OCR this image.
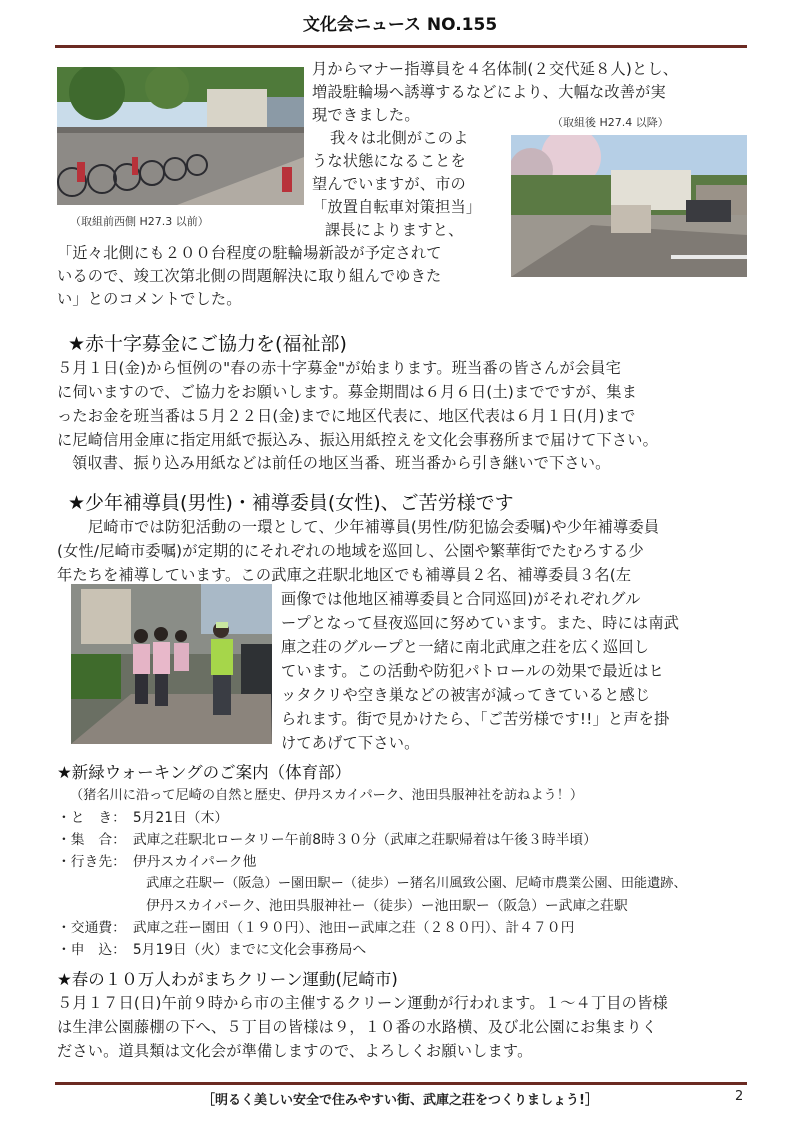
文化会ニュース NO.155
（取組前西側 H27.3 以前）
（取組後 H27.4 以降）
月からマナー指導員を４名体制(２交代延８人)とし、
増設駐輪場へ誘導するなどにより、大幅な改善が実
現できました。
我々は北側がこのよ
うな状態になることを
望んでいますが、市の
「放置自転車対策担当」
課長によりますと、
「近々北側にも２００台程度の駐輪場新設が予定されて
いるので、竣工次第北側の問題解決に取り組んでゆきた
い」とのコメントでした。
★赤十字募金にご協力を(福祉部)
５月１日(金)から恒例の"春の赤十字募金"が始まります。班当番の皆さんが会員宅
に伺いますので、ご協力をお願いします。募金期間は６月６日(土)までですが、集ま
ったお金を班当番は５月２２日(金)までに地区代表に、地区代表は６月１日(月)まで
に尼崎信用金庫に指定用紙で振込み、振込用紙控えを文化会事務所まで届けて下さい。
領収書、振り込み用紙などは前任の地区当番、班当番から引き継いで下さい。
★少年補導員(男性)・補導委員(女性)、ご苦労様です
尼崎市では防犯活動の一環として、少年補導員(男性/防犯協会委嘱)や少年補導委員
(女性/尼崎市委嘱)が定期的にそれぞれの地域を巡回し、公園や繁華街でたむろする少
年たちを補導しています。この武庫之荘駅北地区でも補導員２名、補導委員３名(左
画像では他地区補導委員と合同巡回)がそれぞれグル
ープとなって昼夜巡回に努めています。また、時には南武
庫之荘のグループと一緒に南北武庫之荘を広く巡回し
ています。この活動や防犯パトロールの効果で最近はヒ
ッタクリや空き巣などの被害が減ってきていると感じ
られます。街で見かけたら、「ご苦労様です!!」と声を掛
けてあげて下さい。
★新緑ウォーキングのご案内（体育部）
（猪名川に沿って尼崎の自然と歴史、伊丹スカイパーク、池田呉服神社を訪ねよう！）
・と　き：　5月21日（木）
・集　合：　武庫之荘駅北ロータリー午前8時３０分（武庫之荘駅帰着は午後３時半頃）
・行き先：　伊丹スカイパーク他
武庫之荘駅ー（阪急）ー園田駅ー（徒歩）ー猪名川風致公園、尼崎市農業公園、田能遺跡、
伊丹スカイパーク、池田呉服神社ー（徒歩）ー池田駅ー（阪急）ー武庫之荘駅
・交通費：　武庫之荘ー園田（１９０円）、池田ー武庫之荘（２８０円）、計４７０円
・申　込：　5月19日（火）までに文化会事務局へ
★春の１０万人わがまちクリーン運動(尼崎市)
５月１７日(日)午前９時から市の主催するクリーン運動が行われます。１～４丁目の皆様
は生津公園藤棚の下へ、５丁目の皆様は９，１０番の水路横、及び北公園にお集まりく
ださい。道具類は文化会が準備しますので、よろしくお願いします。
［明るく美しい安全で住みやすい街、武庫之荘をつくりましょう!］	2
